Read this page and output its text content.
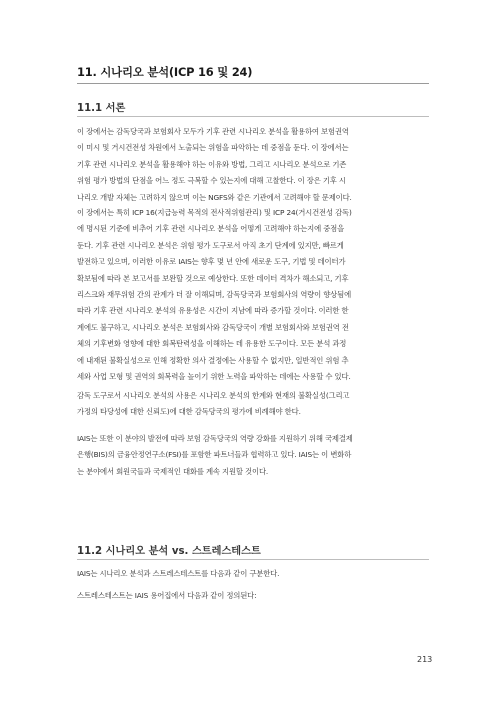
11. 시나리오 분석(ICP 16 및 24)
11.1 서론

이 장에서는 감독당국과 보험회사 모두가 기후 관련 시나리오 분석을 활용하여 보험권역
이 미시 및 거시건전성 차원에서 노출되는 위험을 파악하는 데 중점을 둔다. 이 장에서는
기후 관련 시나리오 분석을 활용해야 하는 이유와 방법, 그리고 시나리오 분석으로 기존
위험 평가 방법의 단점을 어느 정도 극복할 수 있는지에 대해 고찰한다. 이 장은 기후 시
나리오 개발 자체는 고려하지 않으며 이는 NGFS와 같은 기관에서 고려해야 할 문제이다.

이 장에서는 특히 ICP 16(지급능력 목적의 전사적위험관리) 및 ICP 24(거시건전성 감독)
에 명시된 기준에 비추어 기후 관련 시나리오 분석을 어떻게 고려해야 하는지에 중점을
둔다. 기후 관련 시나리오 분석은 위험 평가 도구로서 아직 초기 단계에 있지만, 빠르게
발전하고 있으며, 이러한 이유로 IAIS는 향후 몇 년 안에 새로운 도구, 기법 및 데이터가
확보됨에 따라 본 보고서를 보완할 것으로 예상한다. 또한 데이터 격차가 해소되고, 기후
리스크와 재무위험 간의 관계가 더 잘 이해되며, 감독당국과 보험회사의 역량이 향상됨에
따라 기후 관련 시나리오 분석의 유용성은 시간이 지남에 따라 증가할 것이다. 이러한 한
계에도 불구하고, 시나리오 분석은 보험회사와 감독당국이 개별 보험회사와 보험권역 전
체의 기후변화 영향에 대한 회복탄력성을 이해하는 데 유용한 도구이다. 모든 분석 과정
에 내재된 불확실성으로 인해 정확한 의사 결정에는 사용할 수 없지만, 일반적인 위험 추
세와 사업 모형 및 권역의 회복력을 높이기 위한 노력을 파악하는 데에는 사용할 수 있다.

감독 도구로서 시나리오 분석의 사용은 시나리오 분석의 한계와 현재의 불확실성(그리고
가정의 타당성에 대한 신뢰도)에 대한 감독당국의 평가에 비례해야 한다.

IAIS는 또한 이 분야의 발전에 따라 보험 감독당국의 역량 강화를 지원하기 위해 국제결제
은행(BIS)의 금융안정연구소(FSI)를 포함한 파트너들과 협력하고 있다. IAIS는 이 변화하
는 분야에서 회원국들과 국제적인 대화를 계속 지원할 것이다.

11.2 시나리오 분석 vs. 스트레스테스트

IAIS는 시나리오 분석과 스트레스테스트를 다음과 같이 구분한다.

스트레스테스트는 IAIS 용어집에서 다음과 같이 정의된다:

213
